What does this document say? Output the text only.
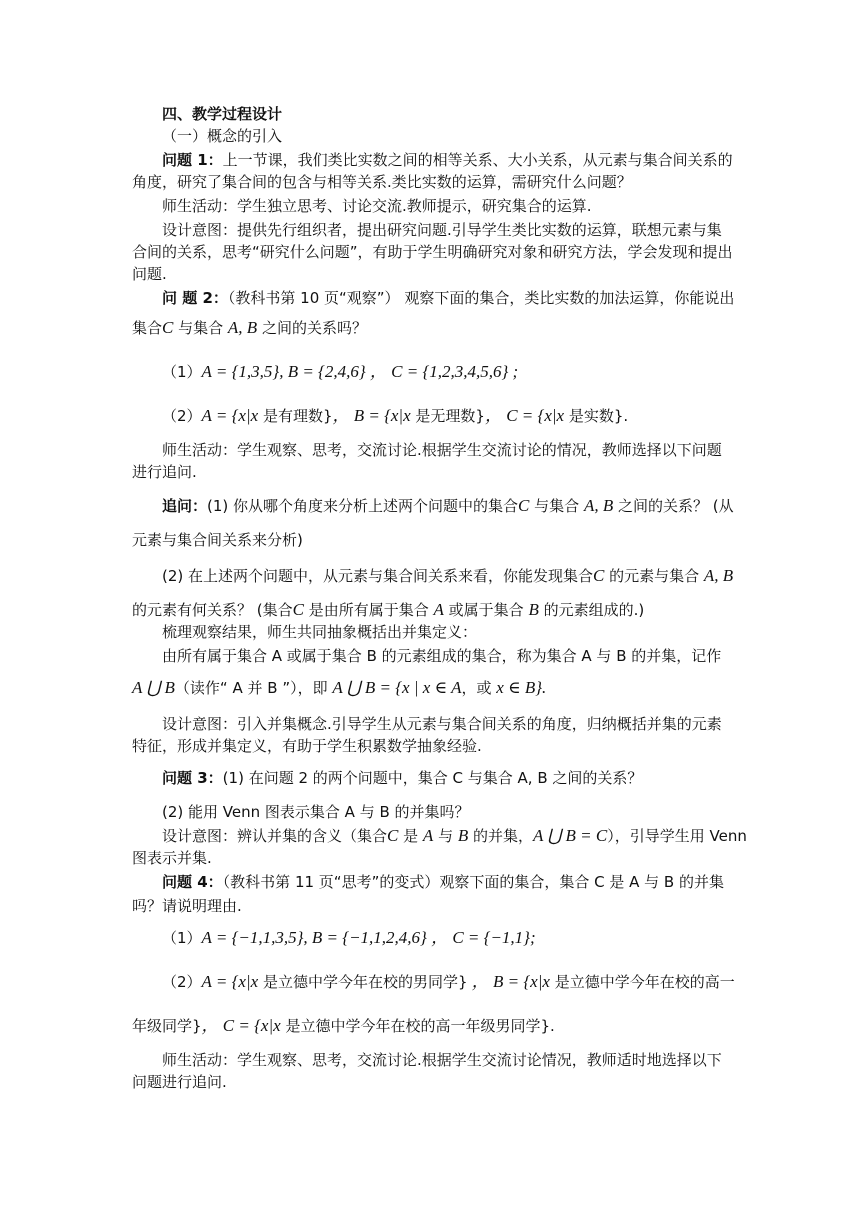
四、教学过程设计
（一）概念的引入
问题 1：上一节课，我们类比实数之间的相等关系、大小关系，从元素与集合间关系的
角度，研究了集合间的包含与相等关系.类比实数的运算，需研究什么问题？
师生活动：学生独立思考、讨论交流.教师提示，研究集合的运算.
设计意图：提供先行组织者，提出研究问题.引导学生类比实数的运算，联想元素与集
合间的关系，思考“研究什么问题”，有助于学生明确研究对象和研究方法，学会发现和提出
问题.
问 题 2：（教科书第 10 页“观察”） 观察下面的集合，类比实数的加法运算，你能说出
集合C 与集合 A, B 之间的关系吗？
（1）A = {1,3,5}, B = {2,4,6} ， C = {1,2,3,4,5,6} ;
（2）A = {x|x 是有理数}， B = {x|x 是无理数}， C = {x|x 是实数}.
师生活动：学生观察、思考，交流讨论.根据学生交流讨论的情况，教师选择以下问题
进行追问.
追问：(1) 你从哪个角度来分析上述两个问题中的集合C 与集合 A, B 之间的关系？ (从
元素与集合间关系来分析)
(2) 在上述两个问题中，从元素与集合间关系来看，你能发现集合C 的元素与集合 A, B
的元素有何关系？ (集合C 是由所有属于集合 A 或属于集合 B 的元素组成的.)
梳理观察结果，师生共同抽象概括出并集定义：
由所有属于集合 A 或属于集合 B 的元素组成的集合，称为集合 A 与 B 的并集，记作
A ⋃ B（读作“ A 并 B ”），即 A ⋃ B = {x | x ∈ A，或 x ∈ B}.
设计意图：引入并集概念.引导学生从元素与集合间关系的角度，归纳概括并集的元素
特征，形成并集定义，有助于学生积累数学抽象经验.
问题 3：(1) 在问题 2 的两个问题中，集合 C 与集合 A, B 之间的关系？
(2) 能用 Venn 图表示集合 A 与 B 的并集吗？
设计意图：辨认并集的含义（集合C 是 A 与 B 的并集，A ⋃ B = C），引导学生用 Venn
图表示并集.
问题 4：（教科书第 11 页“思考”的变式）观察下面的集合，集合 C 是 A 与 B 的并集
吗？请说明理由.
（1）A = {−1,1,3,5}, B = {−1,1,2,4,6} ， C = {−1,1};
（2）A = {x|x 是立德中学今年在校的男同学} ， B = {x|x 是立德中学今年在校的高一
年级同学}， C = {x|x 是立德中学今年在校的高一年级男同学}.
师生活动：学生观察、思考，交流讨论.根据学生交流讨论情况，教师适时地选择以下
问题进行追问.
